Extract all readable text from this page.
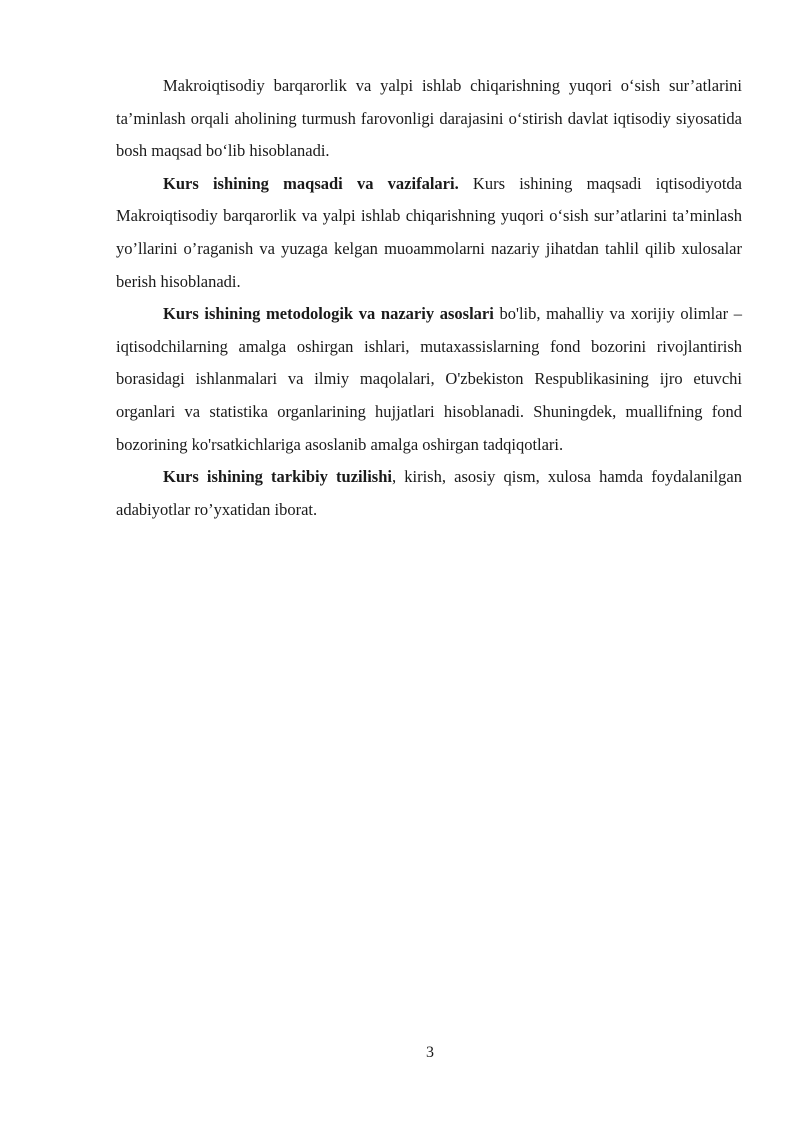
Makroiqtisodiy barqarorlik va yalpi ishlab chiqarishning yuqori o‘sish sur’atlarini ta’minlash orqali aholining turmush farovonligi darajasini o‘stirish davlat iqtisodiy siyosatida bosh maqsad bo‘lib hisoblanadi.

Kurs ishining maqsadi va vazifalari. Kurs ishining maqsadi iqtisodiyotda Makroiqtisodiy barqarorlik va yalpi ishlab chiqarishning yuqori o‘sish sur’atlarini ta’minlash yo’llarini o’raganish va yuzaga kelgan muoammolarni nazariy jihatdan tahlil qilib xulosalar berish hisoblanadi.

Kurs ishining metodologik va nazariy asoslari bo'lib, mahalliy va xorijiy olimlar – iqtisodchilarning amalga oshirgan ishlari, mutaxassislarning fond bozorini rivojlantirish borasidagi ishlanmalari va ilmiy maqolalari, O'zbekiston Respublikasining ijro etuvchi organlari va statistika organlarining hujjatlari hisoblanadi. Shuningdek, muallifning fond bozorining ko'rsatkichlariga asoslanib amalga oshirgan tadqiqotlari.

Kurs ishining tarkibiy tuzilishi, kirish, asosiy qism, xulosa hamda foydalanilgan adabiyotlar ro’yxatidan iborat.

3
